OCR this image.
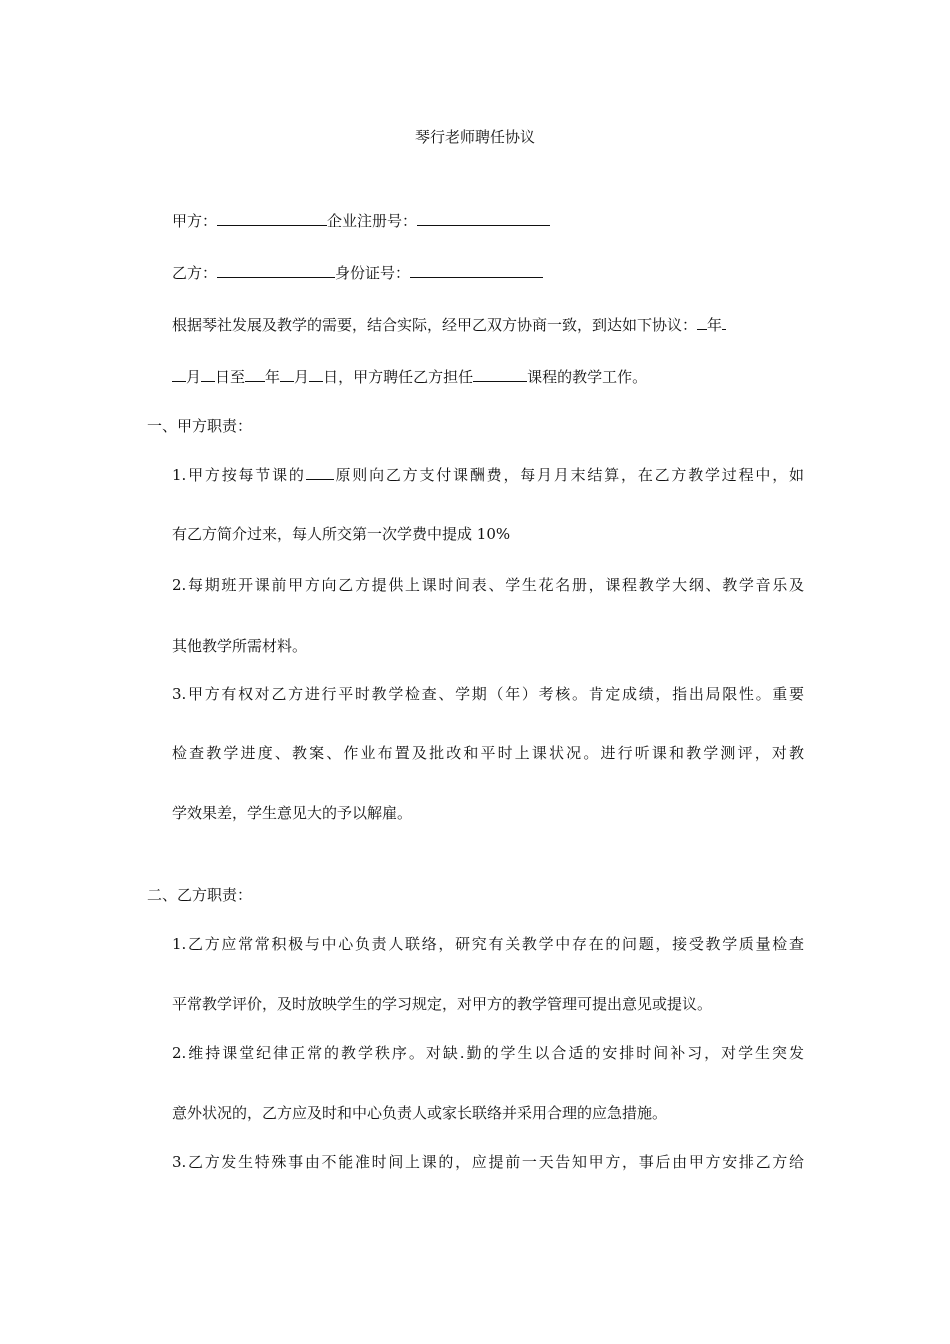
琴行老师聘任协议
甲方：	企业注册号：
乙方：	身份证号：
根据琴社发展及教学的需要，结合实际，经甲乙双方协商一致，到达如下协议： 年
月 日至 年 月 日，甲方聘任乙方担任	课程的教学工作。
一、甲方职责：
1.甲方按每节课的 原则向乙方支付课酬费，每月月末结算，在乙方教学过程中，如
有乙方简介过来，每人所交第一次学费中提成 10%
2.每期班开课前甲方向乙方提供上课时间表、学生花名册，课程教学大纲、教学音乐及
其他教学所需材料。
3.甲方有权对乙方进行平时教学检查、学期（年）考核。肯定成绩，指出局限性。重要
检查教学进度、教案、作业布置及批改和平时上课状况。进行听课和教学测评，对教
学效果差，学生意见大的予以解雇。
二、乙方职责：
1.乙方应常常积极与中心负责人联络，研究有关教学中存在的问题，接受教学质量检查
平常教学评价，及时放映学生的学习规定，对甲方的教学管理可提出意见或提议。
2.维持课堂纪律正常的教学秩序。对缺.勤的学生以合适的安排时间补习，对学生突发
意外状况的，乙方应及时和中心负责人或家长联络并采用合理的应急措施。
3.乙方发生特殊事由不能准时间上课的，应提前一天告知甲方，事后由甲方安排乙方给
